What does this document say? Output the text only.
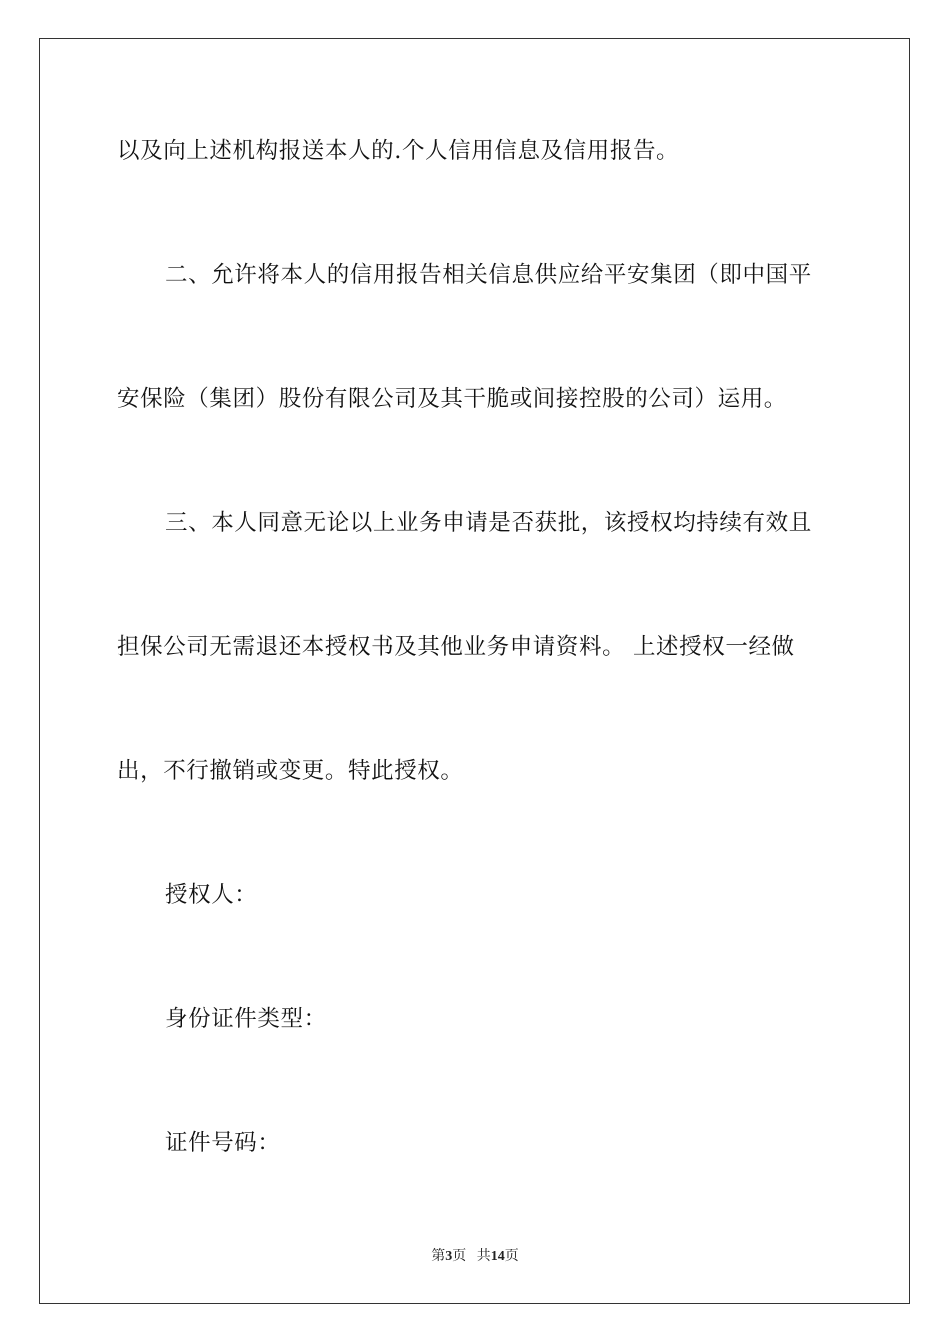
以及向上述机构报送本人的.个人信用信息及信用报告。
二、允许将本人的信用报告相关信息供应给平安集团（即中国平
安保险（集团）股份有限公司及其干脆或间接控股的公司）运用。
三、本人同意无论以上业务申请是否获批，该授权均持续有效且
担保公司无需退还本授权书及其他业务申请资料。 上述授权一经做
出，不行撤销或变更。特此授权。
授权人：
身份证件类型：
证件号码：
第3页 共14页
